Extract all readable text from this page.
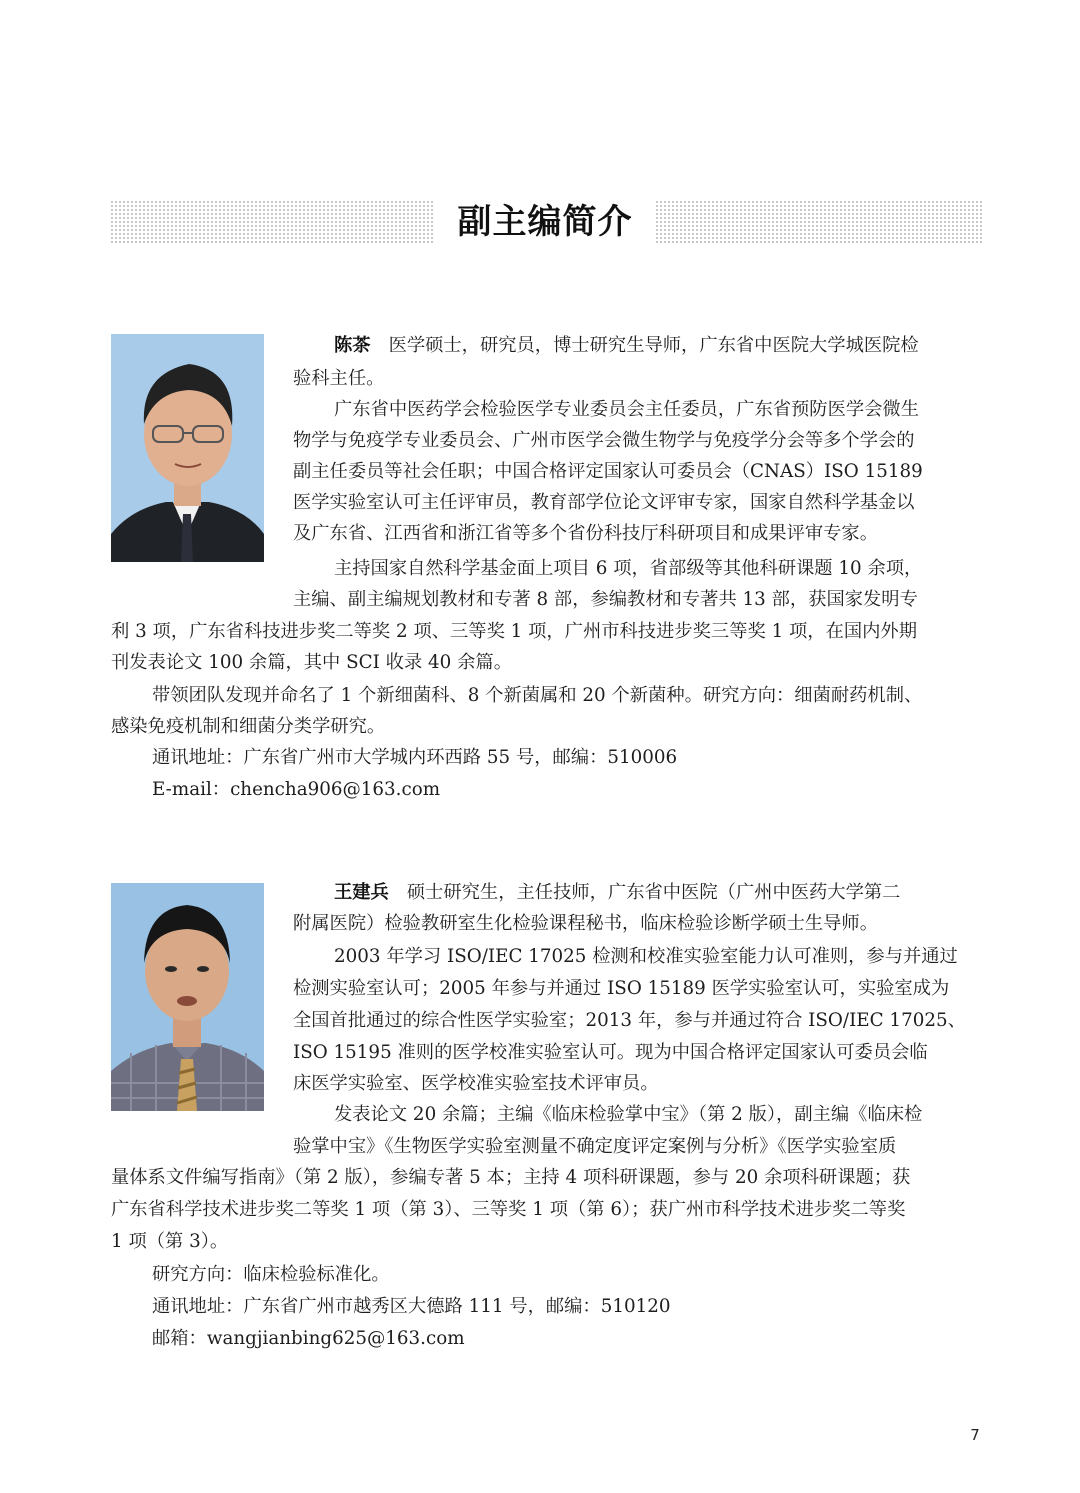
副主编简介
陈茶 医学硕士，研究员，博士研究生导师，广东省中医院大学城医院检
验科主任。
广东省中医药学会检验医学专业委员会主任委员，广东省预防医学会微生
物学与免疫学专业委员会、广州市医学会微生物学与免疫学分会等多个学会的
副主任委员等社会任职；中国合格评定国家认可委员会（CNAS）ISO 15189
医学实验室认可主任评审员，教育部学位论文评审专家，国家自然科学基金以
及广东省、江西省和浙江省等多个省份科技厅科研项目和成果评审专家。
主持国家自然科学基金面上项目 6 项，省部级等其他科研课题 10 余项，
主编、副主编规划教材和专著 8 部，参编教材和专著共 13 部，获国家发明专
利 3 项，广东省科技进步奖二等奖 2 项、三等奖 1 项，广州市科技进步奖三等奖 1 项，在国内外期
刊发表论文 100 余篇，其中 SCI 收录 40 余篇。
带领团队发现并命名了 1 个新细菌科、8 个新菌属和 20 个新菌种。研究方向：细菌耐药机制、
感染免疫机制和细菌分类学研究。
通讯地址：广东省广州市大学城内环西路 55 号，邮编：510006
E-mail：chencha906@163.com
王建兵 硕士研究生，主任技师，广东省中医院（广州中医药大学第二
附属医院）检验教研室生化检验课程秘书，临床检验诊断学硕士生导师。
2003 年学习 ISO/IEC 17025 检测和校准实验室能力认可准则，参与并通过
检测实验室认可；2005 年参与并通过 ISO 15189 医学实验室认可，实验室成为
全国首批通过的综合性医学实验室；2013 年，参与并通过符合 ISO/IEC 17025、
ISO 15195 准则的医学校准实验室认可。现为中国合格评定国家认可委员会临
床医学实验室、医学校准实验室技术评审员。
发表论文 20 余篇；主编《临床检验掌中宝》（第 2 版），副主编《临床检
验掌中宝》《生物医学实验室测量不确定度评定案例与分析》《医学实验室质
量体系文件编写指南》（第 2 版），参编专著 5 本；主持 4 项科研课题，参与 20 余项科研课题；获
广东省科学技术进步奖二等奖 1 项（第 3）、三等奖 1 项（第 6）；获广州市科学技术进步奖二等奖
1 项（第 3）。
研究方向：临床检验标准化。
通讯地址：广东省广州市越秀区大德路 111 号，邮编：510120
邮箱：wangjianbing625@163.com
7
